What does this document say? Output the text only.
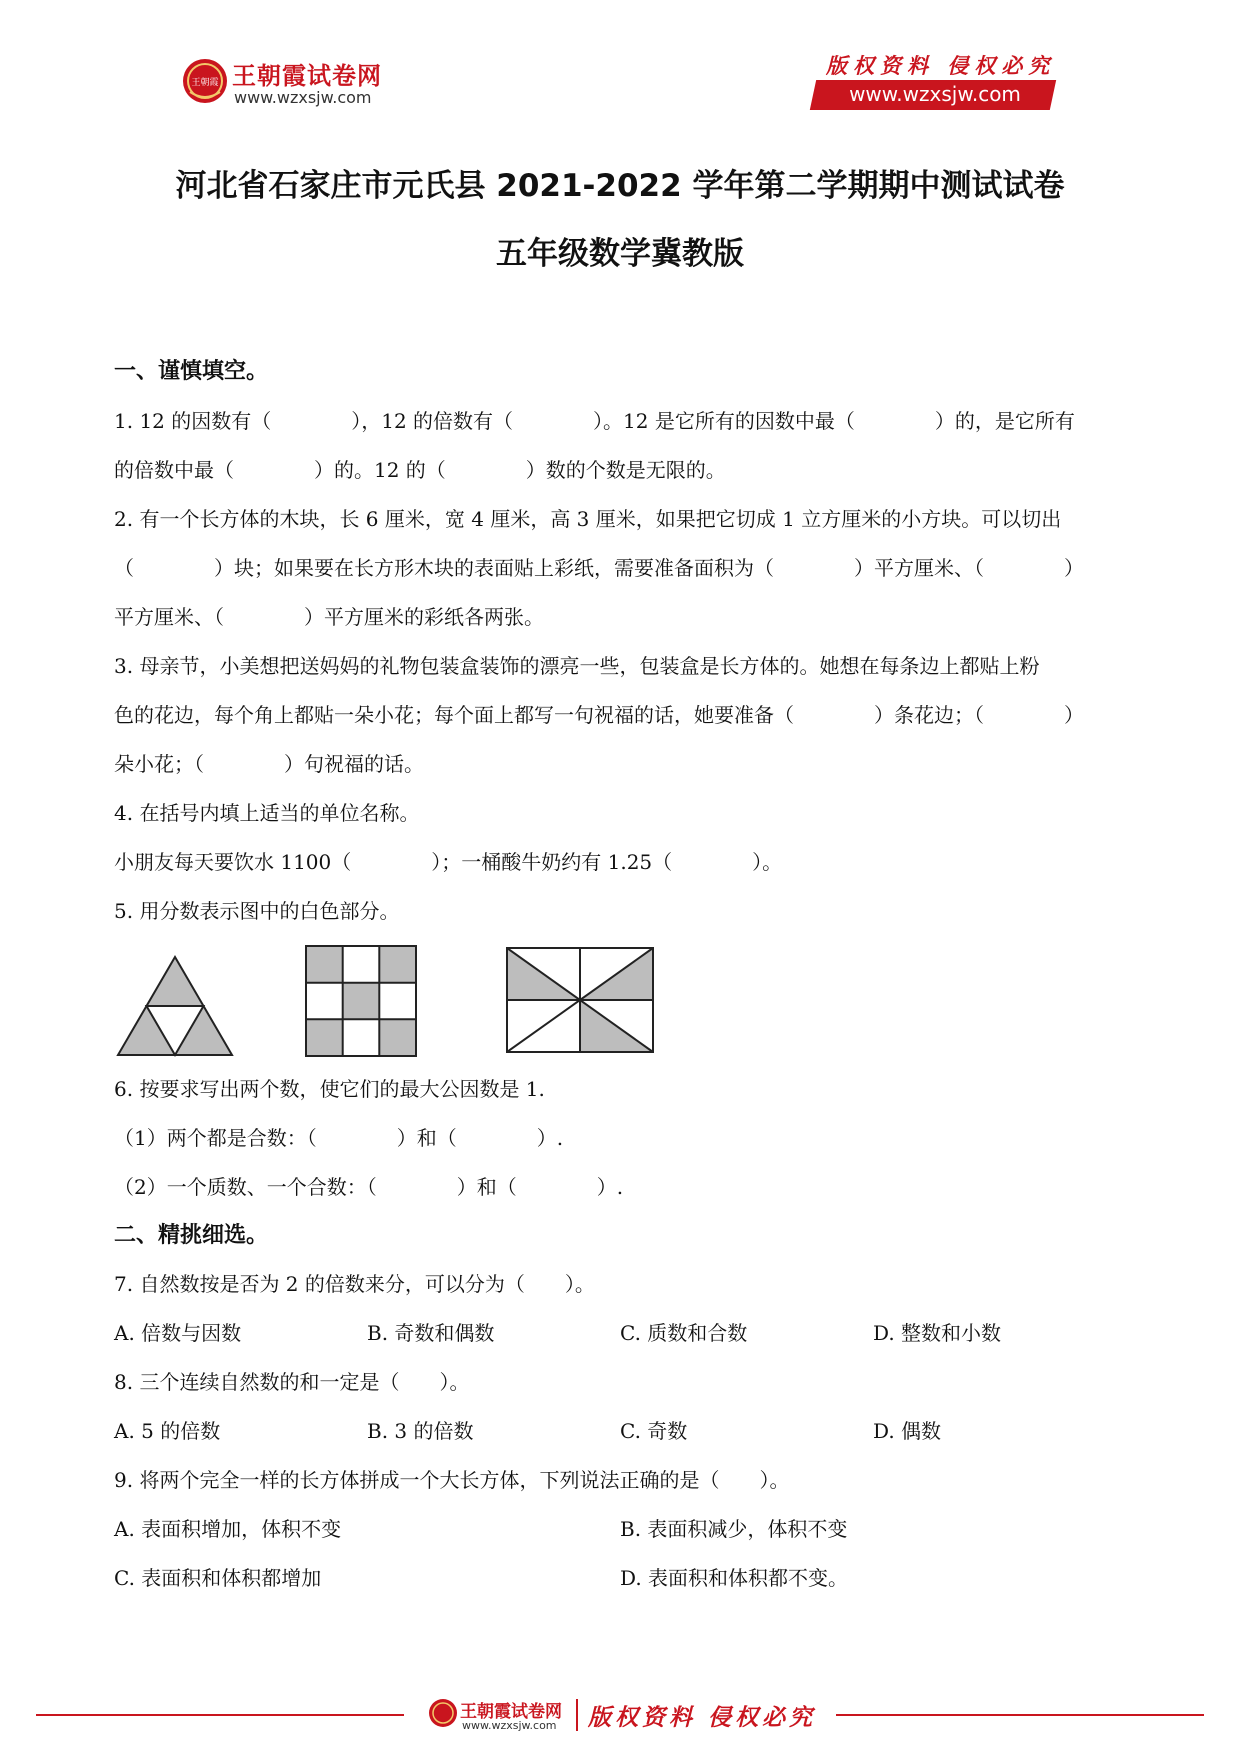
王朝霞 王朝霞试卷网
www.wzxsjw.com
版权资料 侵权必究
www.wzxsjw.com
河北省石家庄市元氏县 2021-2022 学年第二学期期中测试试卷
五年级数学冀教版
一、谨慎填空。
1. 12 的因数有（　　　　），12 的倍数有（　　　　）。12 是它所有的因数中最（　　　　）的，是它所有
的倍数中最（　　　　）的。12 的（　　　　）数的个数是无限的。
2. 有一个长方体的木块，长 6 厘米，宽 4 厘米，高 3 厘米，如果把它切成 1 立方厘米的小方块。可以切出
（　　　　）块；如果要在长方形木块的表面贴上彩纸，需要准备面积为（　　　　）平方厘米、（　　　　）
平方厘米、（　　　　）平方厘米的彩纸各两张。
3. 母亲节，小美想把送妈妈的礼物包装盒装饰的漂亮一些，包装盒是长方体的。她想在每条边上都贴上粉
色的花边，每个角上都贴一朵小花；每个面上都写一句祝福的话，她要准备（　　　　）条花边；（　　　　）
朵小花；（　　　　）句祝福的话。
4. 在括号内填上适当的单位名称。
小朋友每天要饮水 1100（　　　　）；一桶酸牛奶约有 1.25（　　　　）。
5. 用分数表示图中的白色部分。
6. 按要求写出两个数，使它们的最大公因数是 1.
（1）两个都是合数：（　　　　）和（　　　　）.
（2）一个质数、一个合数：（　　　　）和（　　　　）.
二、精挑细选。
7. 自然数按是否为 2 的倍数来分，可以分为（　　）。
A. 倍数与因数	B. 奇数和偶数	C. 质数和合数	D. 整数和小数
8. 三个连续自然数的和一定是（　　）。
A. 5 的倍数	B. 3 的倍数	C. 奇数	D. 偶数
9. 将两个完全一样的长方体拼成一个大长方体，下列说法正确的是（　　）。
A. 表面积增加，体积不变	B. 表面积减少，体积不变
C. 表面积和体积都增加	D. 表面积和体积都不变。
王朝霞试卷网
www.wzxsjw.com 版权资料 侵权必究
